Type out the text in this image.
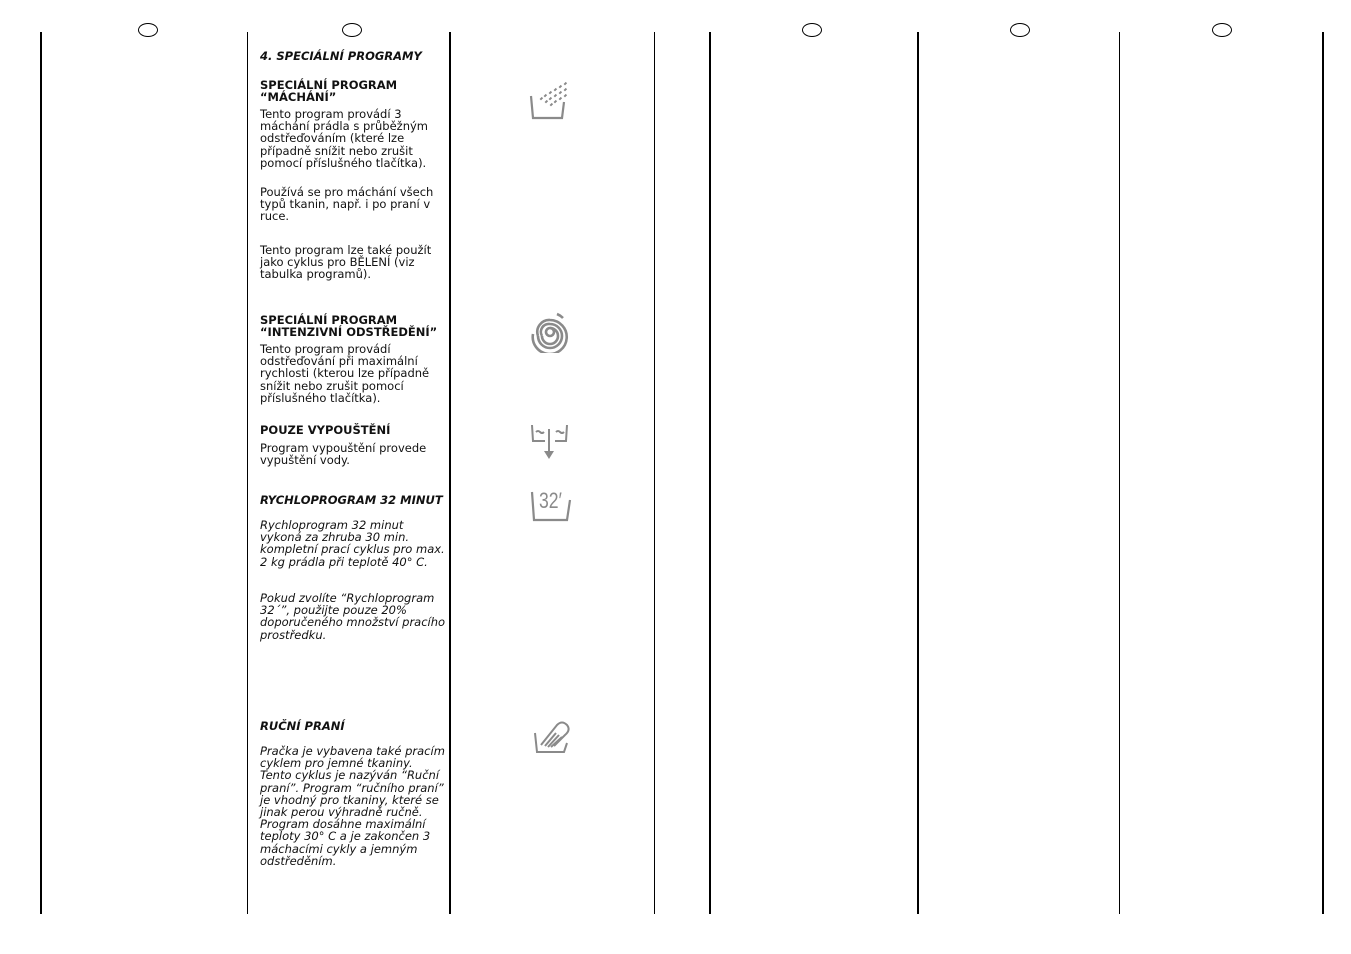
4. SPECIÁLNÍ PROGRAMY
SPECIÁLNÍ PROGRAM
“MÁCHÁNÍ”
Tento program provádí 3 máchání prádla s průběžným odstřeďováním (které lze případně snížit nebo zrušit pomocí příslušného tlačítka).
Používá se pro máchání všech typů tkanin, např. i po praní v ruce.
Tento program lze také použít jako cyklus pro BĚLENÍ (viz tabulka programů).
SPECIÁLNÍ PROGRAM
“INTENZIVNÍ ODSTŘEDĚNÍ”
Tento program provádí odstřeďování při maximální rychlosti (kterou lze případně snížit nebo zrušit pomocí příslušného tlačítka).
POUZE VYPOUŠTĚNÍ
Program vypouštění provede vypuštění vody.
RYCHLOPROGRAM 32 MINUT
Rychloprogram 32 minut vykoná za zhruba 30 min. kompletní prací cyklus pro max. 2 kg prádla při teplotě 40° C.
Pokud zvolíte “Rychloprogram 32´”, použijte pouze 20% doporučeného množství pracího prostředku.
RUČNÍ PRANÍ
Pračka je vybavena také pracím cyklem pro jemné tkaniny. Tento cyklus je nazýván “Ruční praní”. Program “ručního praní” je vhodný pro tkaniny, které se jinak perou výhradně ručně. Program dosáhne maximální teploty 30° C a je zakončen 3 máchacími cykly a jemným odstředěním.
32′
